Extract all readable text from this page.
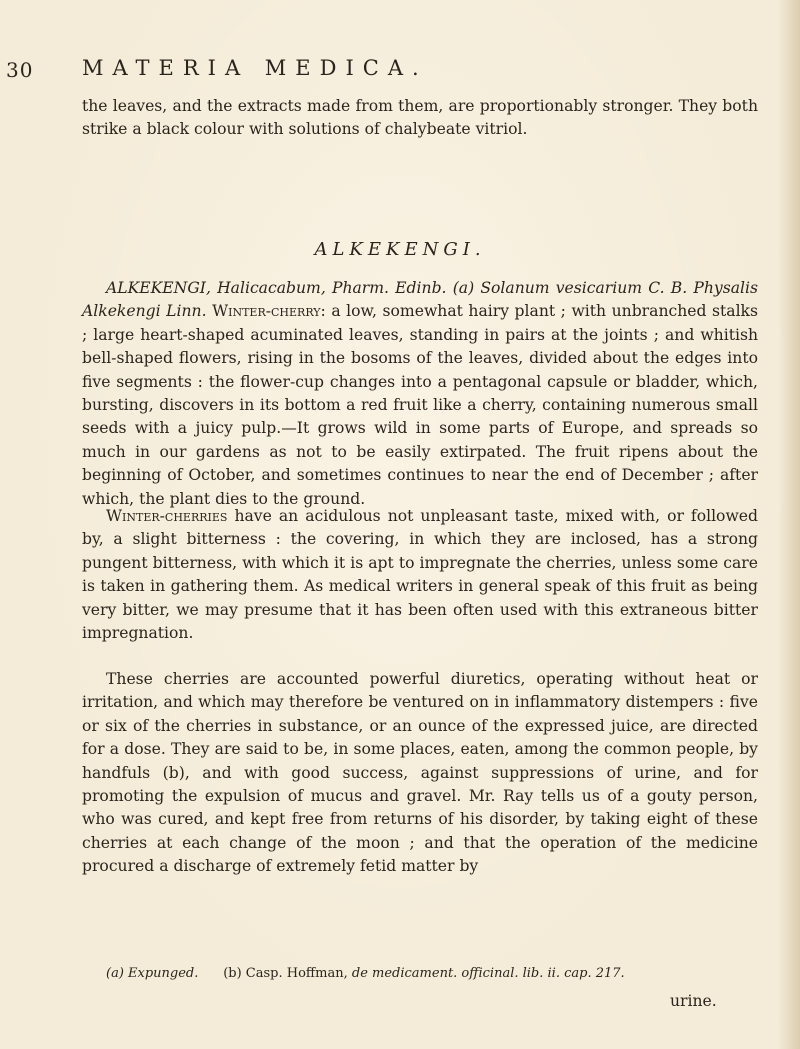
30 MATERIA MEDICA.

the leaves, and the extracts made from them, are proportionably stronger. They both strike a black colour with solutions of chalybeate vitriol.

ALKEKENGI.

ALKEKENGI, Halicacabum, Pharm. Edinb. (a) Solanum vesicarium C. B. Physalis Alkekengi Linn. Winter-cherry: a low, somewhat hairy plant ; with unbranched stalks ; large heart-shaped acuminated leaves, standing in pairs at the joints ; and whitish bell-shaped flowers, rising in the bosoms of the leaves, divided about the edges into five segments : the flower-cup changes into a pentagonal capsule or bladder, which, bursting, discovers in its bottom a red fruit like a cherry, containing numerous small seeds with a juicy pulp.—It grows wild in some parts of Europe, and spreads so much in our gardens as not to be easily extirpated. The fruit ripens about the beginning of October, and sometimes continues to near the end of December ; after which, the plant dies to the ground.

Winter-cherries have an acidulous not unpleasant taste, mixed with, or followed by, a slight bitterness : the covering, in which they are inclosed, has a strong pungent bitterness, with which it is apt to impregnate the cherries, unless some care is taken in gathering them. As medical writers in general speak of this fruit as being very bitter, we may presume that it has been often used with this extraneous bitter impregnation.

These cherries are accounted powerful diuretics, operating without heat or irritation, and which may therefore be ventured on in inflammatory distempers : five or six of the cherries in substance, or an ounce of the expressed juice, are directed for a dose. They are said to be, in some places, eaten, among the common people, by handfuls (b), and with good success, against suppressions of urine, and for promoting the expulsion of mucus and gravel. Mr. Ray tells us of a gouty person, who was cured, and kept free from returns of his disorder, by taking eight of these cherries at each change of the moon ; and that the operation of the medicine procured a discharge of extremely fetid matter by

(a) Expunged. (b) Casp. Hoffman, de medicament. officinal. lib. ii. cap. 217.
urine.
